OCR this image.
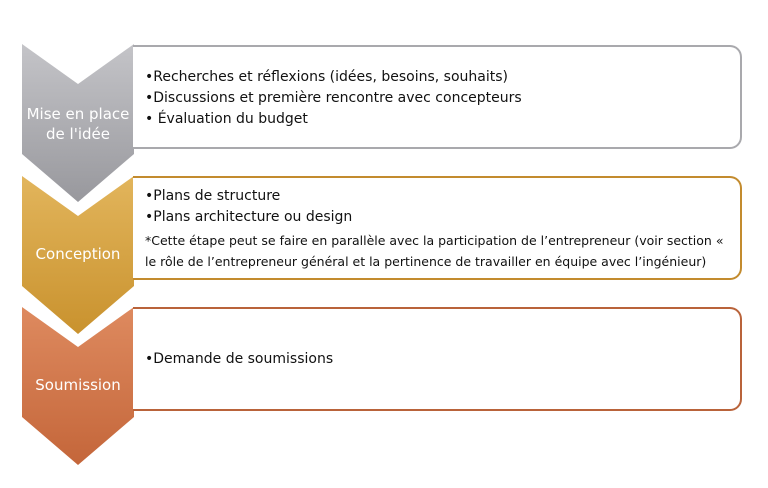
Mise en place
de l'idée

•Recherches et réflexions (idées, besoins, souhaits)

•Discussions et première rencontre avec concepteurs

• Évaluation du budget

Conception

•Plans de structure

•Plans architecture ou design

*Cette étape peut se faire en parallèle avec la participation de l’entrepreneur (voir section « le rôle de l’entrepreneur général et la pertinence de travailler en équipe avec l’ingénieur)

Soumission

•Demande de soumissions
